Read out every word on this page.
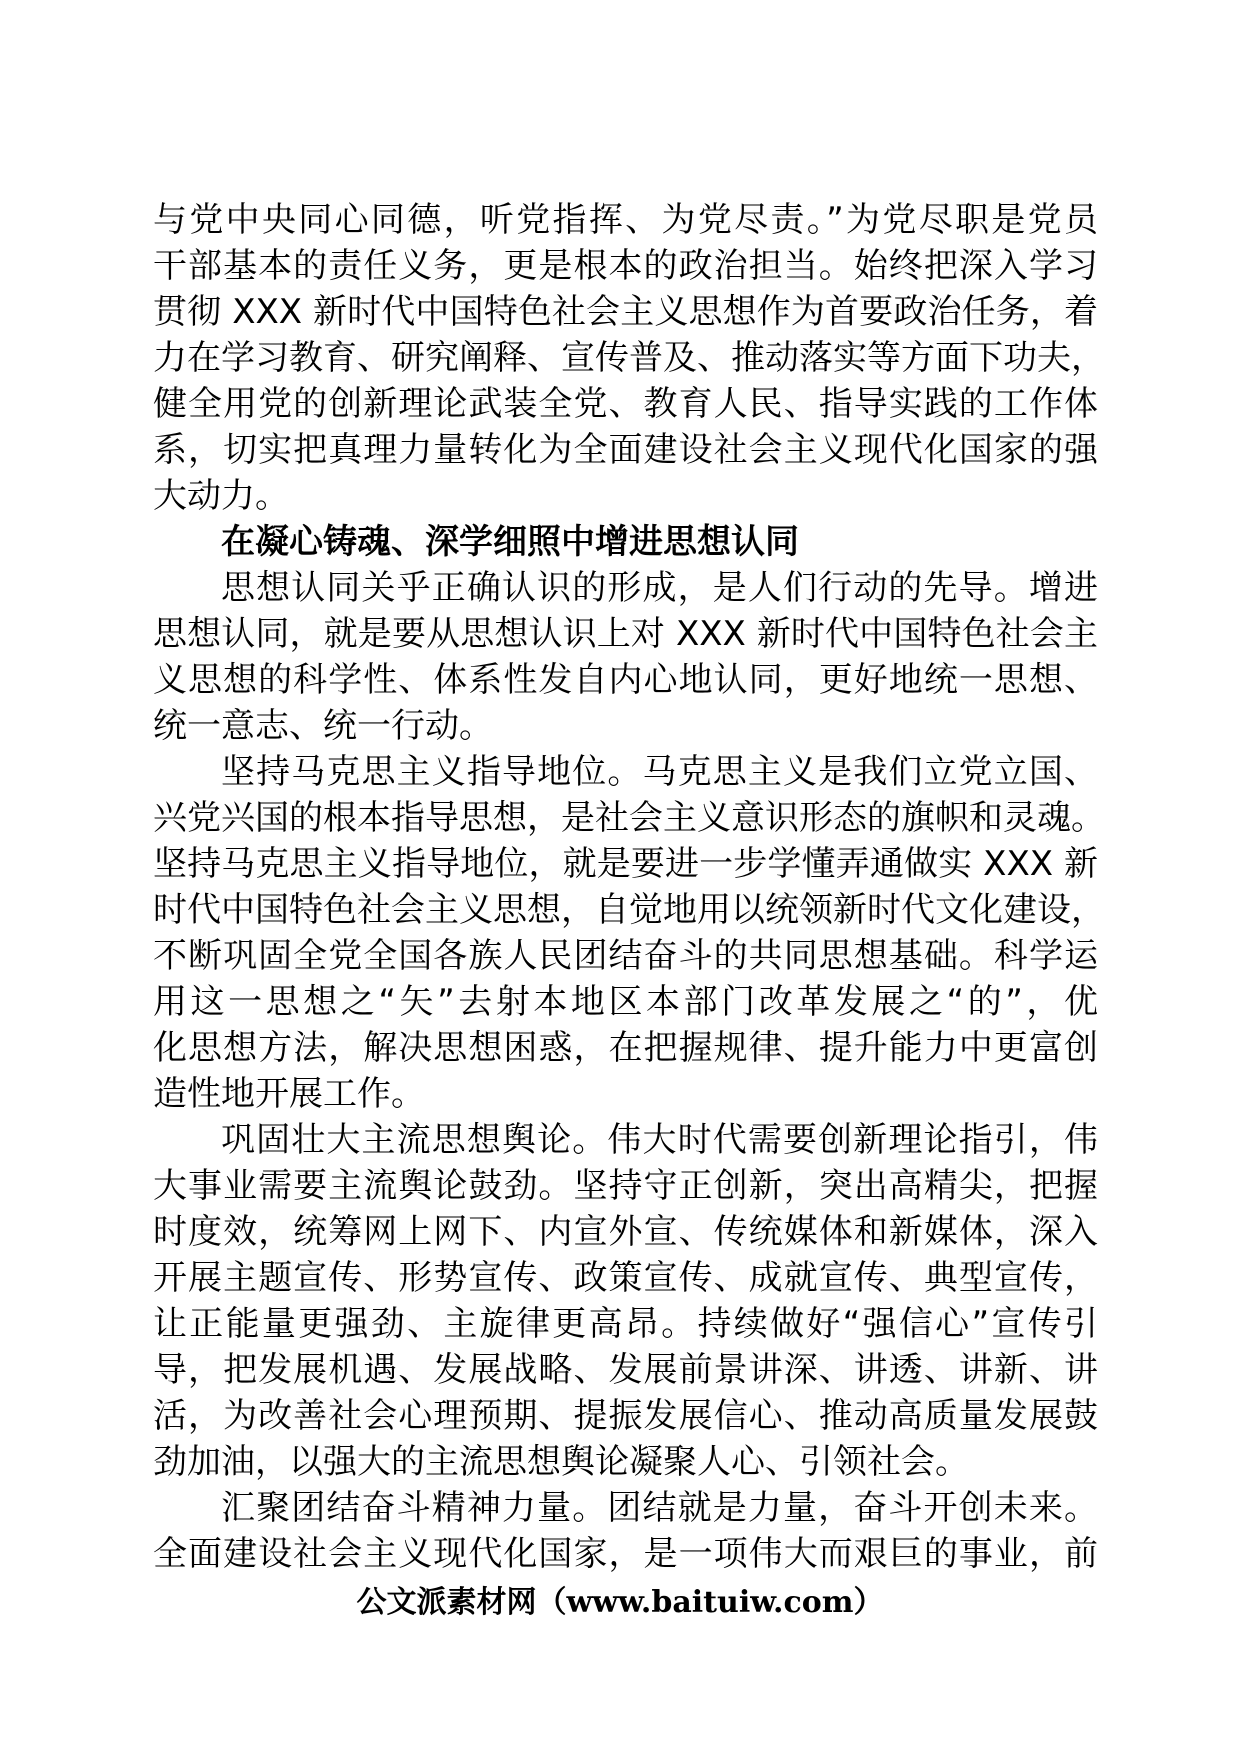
与党中央同心同德，听党指挥、为党尽责。”为党尽职是党员
干部基本的责任义务，更是根本的政治担当。始终把深入学习
贯彻 XXX 新时代中国特色社会主义思想作为首要政治任务，着
力在学习教育、研究阐释、宣传普及、推动落实等方面下功夫，
健全用党的创新理论武装全党、教育人民、指导实践的工作体
系，切实把真理力量转化为全面建设社会主义现代化国家的强
大动力。
在凝心铸魂、深学细照中增进思想认同
思想认同关乎正确认识的形成，是人们行动的先导。增进
思想认同，就是要从思想认识上对 XXX 新时代中国特色社会主
义思想的科学性、体系性发自内心地认同，更好地统一思想、
统一意志、统一行动。
坚持马克思主义指导地位。马克思主义是我们立党立国、
兴党兴国的根本指导思想，是社会主义意识形态的旗帜和灵魂。
坚持马克思主义指导地位，就是要进一步学懂弄通做实 XXX 新
时代中国特色社会主义思想，自觉地用以统领新时代文化建设，
不断巩固全党全国各族人民团结奋斗的共同思想基础。科学运
用这一思想之“矢”去射本地区本部门改革发展之“的”，优
化思想方法，解决思想困惑，在把握规律、提升能力中更富创
造性地开展工作。
巩固壮大主流思想舆论。伟大时代需要创新理论指引，伟
大事业需要主流舆论鼓劲。坚持守正创新，突出高精尖，把握
时度效，统筹网上网下、内宣外宣、传统媒体和新媒体，深入
开展主题宣传、形势宣传、政策宣传、成就宣传、典型宣传，
让正能量更强劲、主旋律更高昂。持续做好“强信心”宣传引
导，把发展机遇、发展战略、发展前景讲深、讲透、讲新、讲
活，为改善社会心理预期、提振发展信心、推动高质量发展鼓
劲加油，以强大的主流思想舆论凝聚人心、引领社会。
汇聚团结奋斗精神力量。团结就是力量，奋斗开创未来。
全面建设社会主义现代化国家，是一项伟大而艰巨的事业，前
公文派素材网（www.baituiw.com）
